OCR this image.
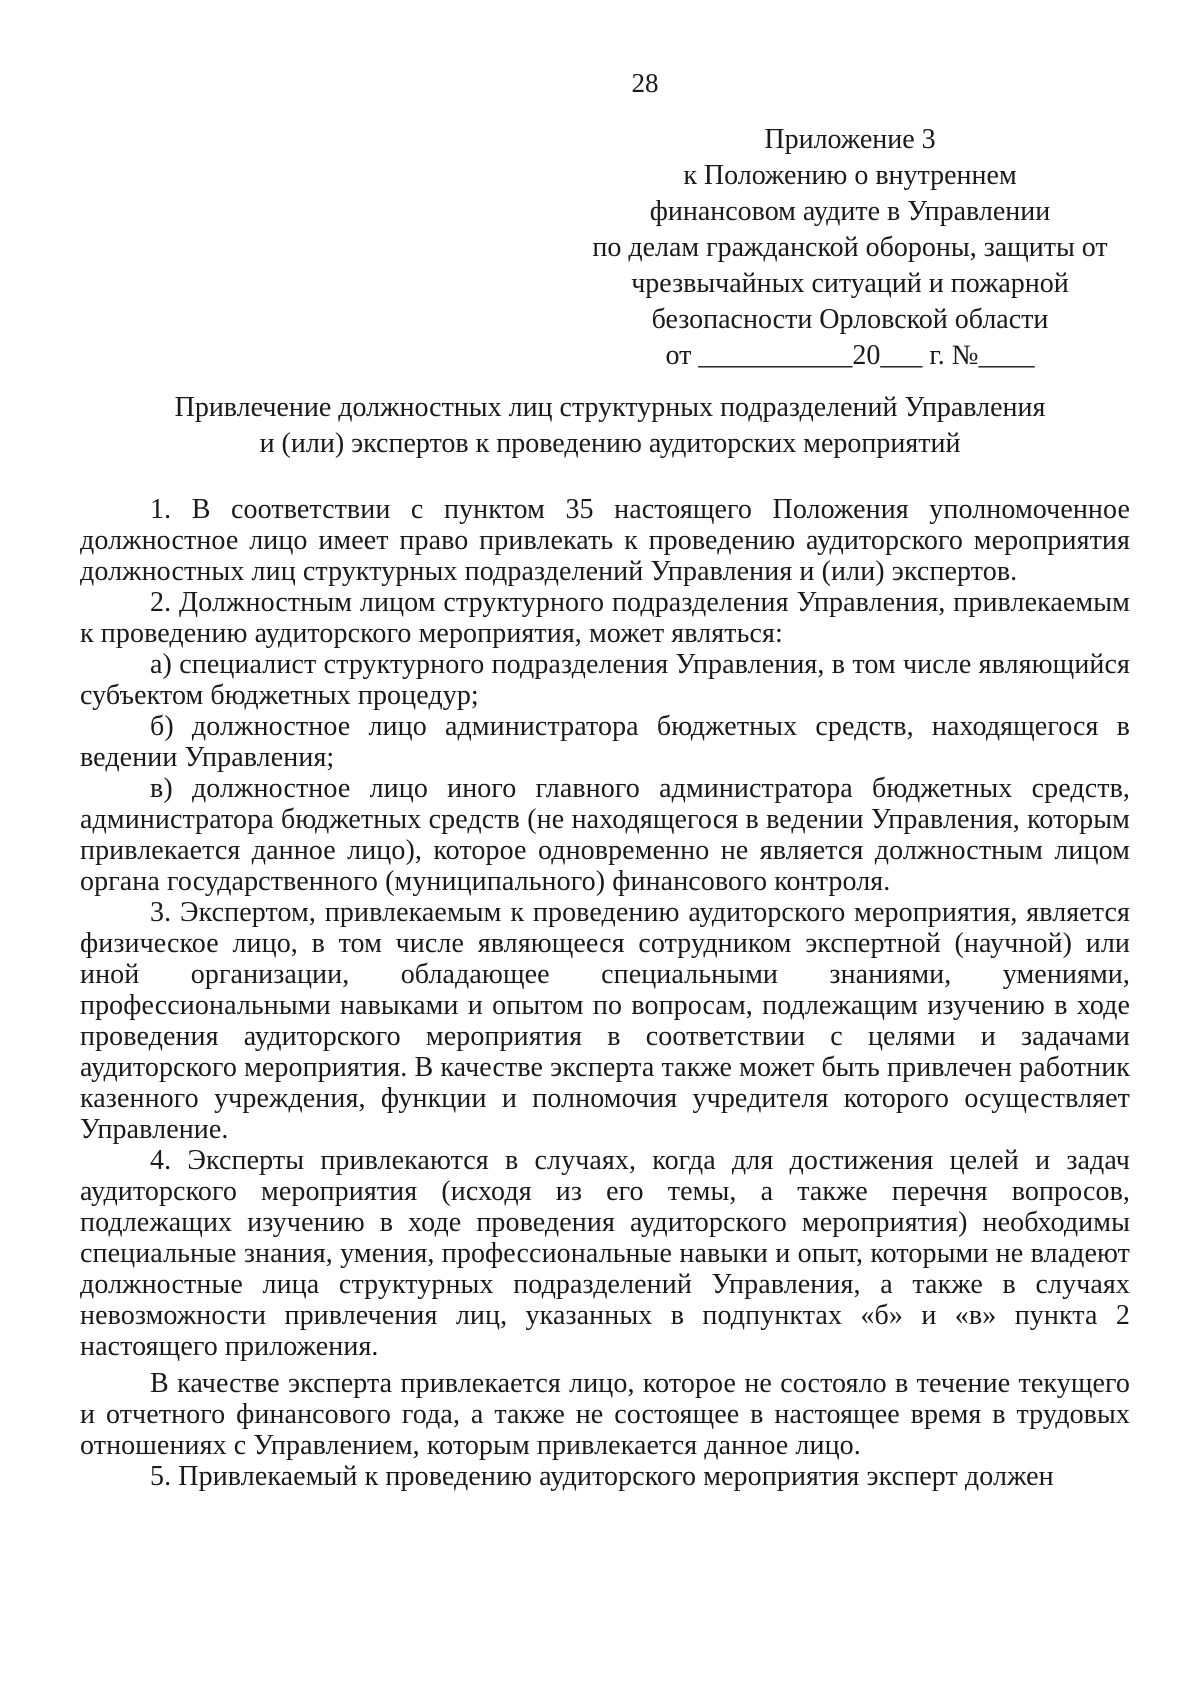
28
Приложение 3
к Положению о внутреннем
финансовом аудите в Управлении
по делам гражданской обороны, защиты от
чрезвычайных ситуаций и пожарной
безопасности Орловской области
от ___________20___ г. №____
Привлечение должностных лиц структурных подразделений Управления
и (или) экспертов к проведению аудиторских мероприятий

1. В соответствии с пунктом 35 настоящего Положения уполномоченное должностное лицо имеет право привлекать к проведению аудиторского мероприятия должностных лиц структурных подразделений Управления и (или) экспертов.

2. Должностным лицом структурного подразделения Управления, привлекаемым к проведению аудиторского мероприятия, может являться:

а) специалист структурного подразделения Управления, в том числе являющийся субъектом бюджетных процедур;

б) должностное лицо администратора бюджетных средств, находящегося в ведении Управления;

в) должностное лицо иного главного администратора бюджетных средств, администратора бюджетных средств (не находящегося в ведении Управления, которым привлекается данное лицо), которое одновременно не является должностным лицом органа государственного (муниципального) финансового контроля.

3. Экспертом, привлекаемым к проведению аудиторского мероприятия, является физическое лицо, в том числе являющееся сотрудником экспертной (научной) или иной организации, обладающее специальными знаниями, умениями, профессиональными навыками и опытом по вопросам, подлежащим изучению в ходе проведения аудиторского мероприятия в соответствии с целями и задачами аудиторского мероприятия. В качестве эксперта также может быть привлечен работник казенного учреждения, функции и полномочия учредителя которого осуществляет Управление.

4. Эксперты привлекаются в случаях, когда для достижения целей и задач аудиторского мероприятия (исходя из его темы, а также перечня вопросов, подлежащих изучению в ходе проведения аудиторского мероприятия) необходимы специальные знания, умения, профессиональные навыки и опыт, которыми не владеют должностные лица структурных подразделений Управления, а также в случаях невозможности привлечения лиц, указанных в подпунктах «б» и «в» пункта 2 настоящего приложения.

В качестве эксперта привлекается лицо, которое не состояло в течение текущего и отчетного финансового года, а также не состоящее в настоящее время в трудовых отношениях с Управлением, которым привлекается данное лицо.

5. Привлекаемый к проведению аудиторского мероприятия эксперт должен
